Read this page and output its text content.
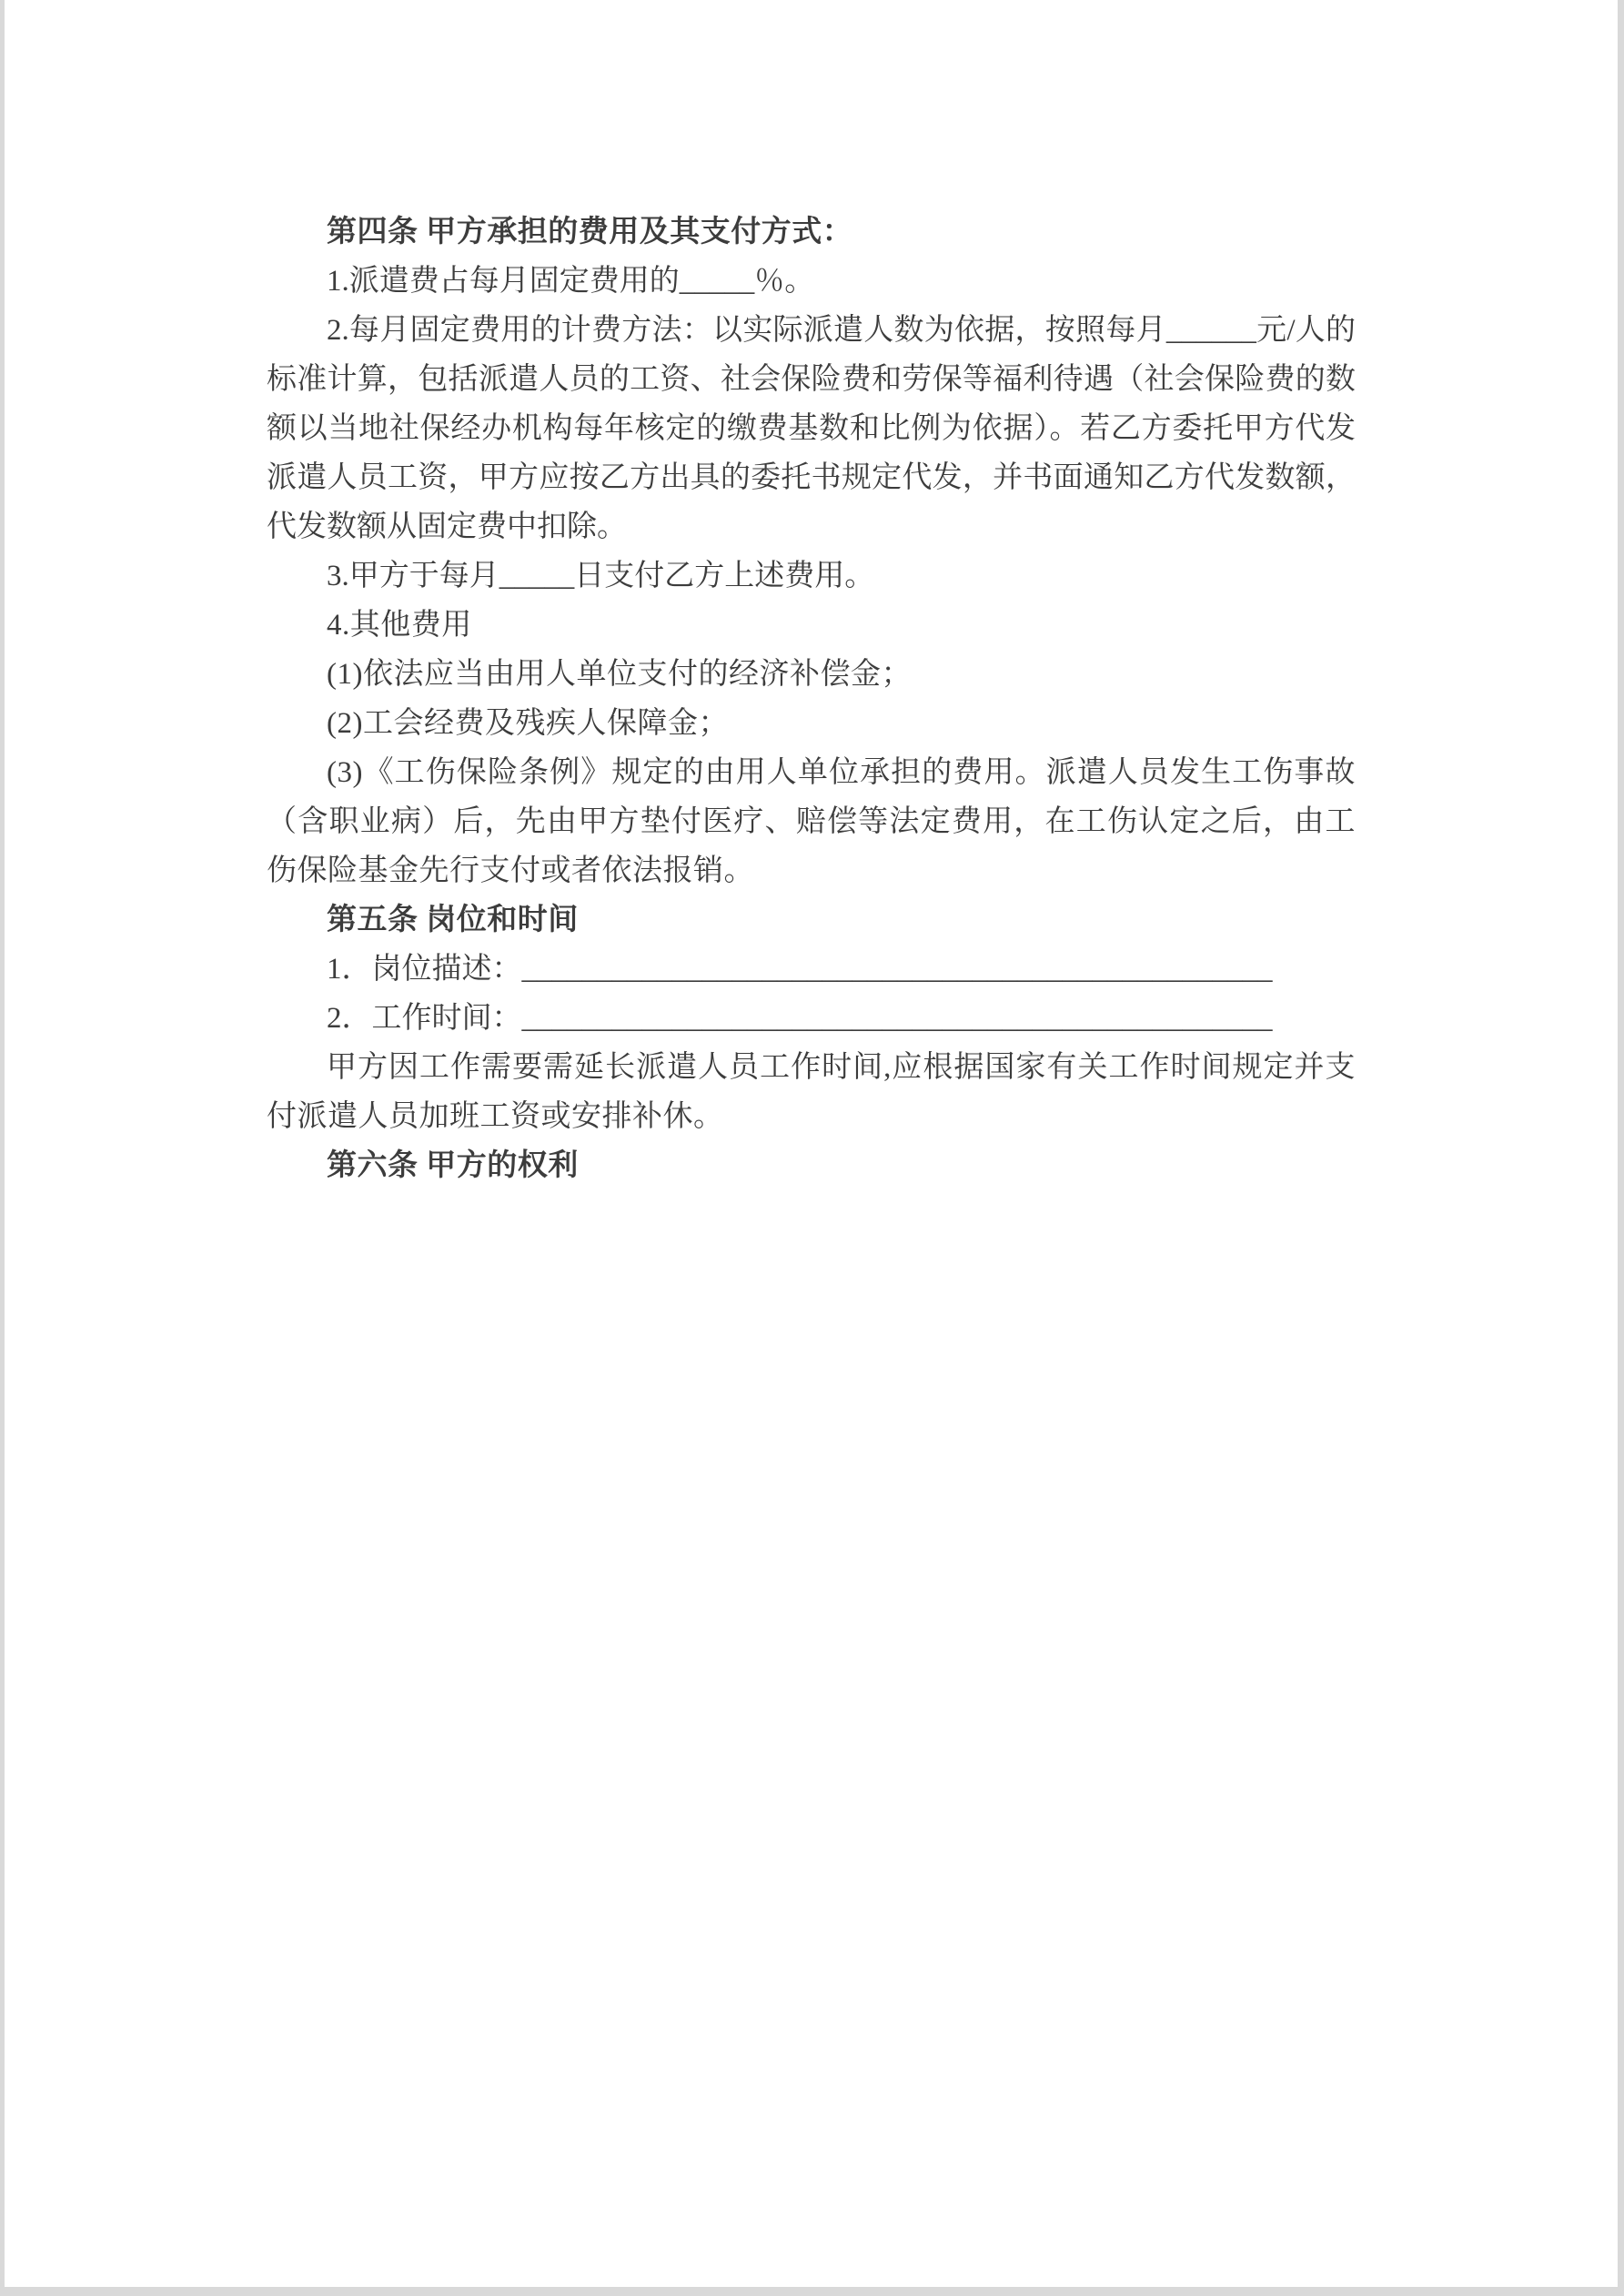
第四条 甲方承担的费用及其支付方式：

1.派遣费占每月固定费用的_____％。

2.每月固定费用的计费方法：以实际派遣人数为依据，按照每月______元/人的标准计算，包括派遣人员的工资、社会保险费和劳保等福利待遇（社会保险费的数额以当地社保经办机构每年核定的缴费基数和比例为依据）。若乙方委托甲方代发派遣人员工资，甲方应按乙方出具的委托书规定代发，并书面通知乙方代发数额，代发数额从固定费中扣除。

3.甲方于每月_____日支付乙方上述费用。

4.其他费用

(1)依法应当由用人单位支付的经济补偿金；

(2)工会经费及残疾人保障金；

(3)《工伤保险条例》规定的由用人单位承担的费用。派遣人员发生工伤事故（含职业病）后，先由甲方垫付医疗、赔偿等法定费用，在工伤认定之后，由工伤保险基金先行支付或者依法报销。

第五条 岗位和时间

1．岗位描述：__________________________________________________

2．工作时间：__________________________________________________

甲方因工作需要需延长派遣人员工作时间,应根据国家有关工作时间规定并支付派遣人员加班工资或安排补休。

第六条 甲方的权利
